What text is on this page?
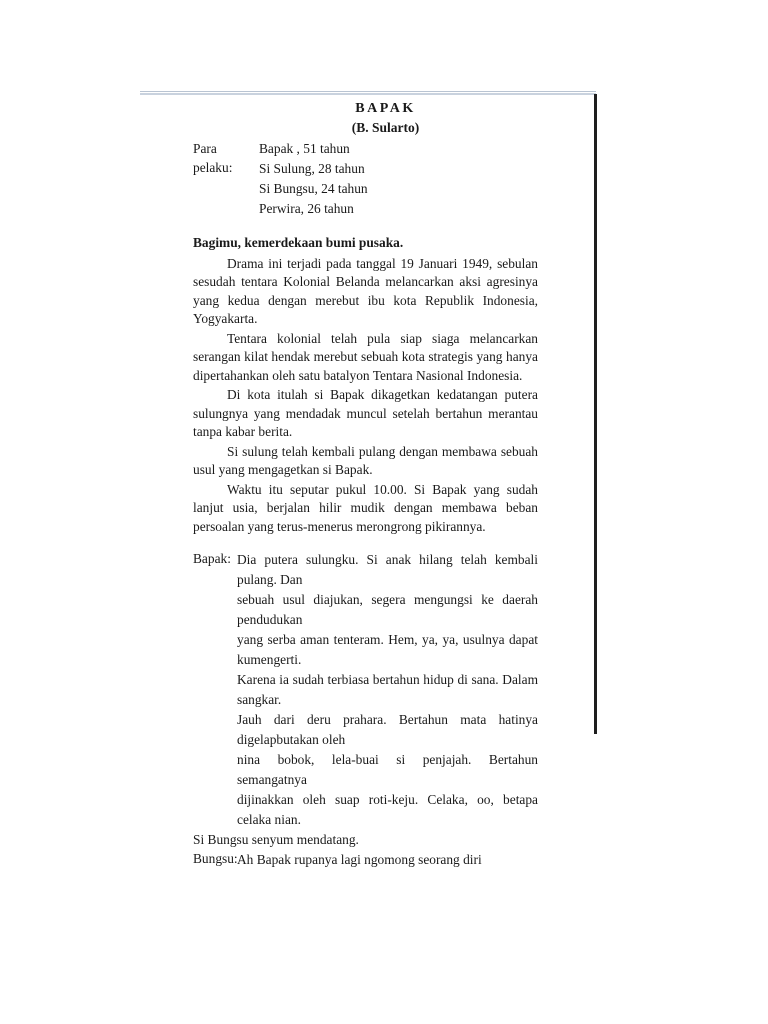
BAPAK
(B. Sularto)
Para pelaku:
Bapak , 51 tahun
Si Sulung, 28 tahun
Si Bungsu, 24 tahun
Perwira, 26 tahun
Bagimu, kemerdekaan bumi pusaka.

Drama ini terjadi pada tanggal 19 Januari 1949, sebulan sesudah tentara Kolonial Belanda melancarkan aksi agresinya yang kedua dengan merebut ibu kota Republik Indonesia, Yogyakarta.

Tentara kolonial telah pula siap siaga melancarkan serangan kilat hendak merebut sebuah kota strategis yang hanya dipertahankan oleh satu batalyon Tentara Nasional Indonesia.

Di kota itulah si Bapak dikagetkan kedatangan putera sulungnya yang mendadak muncul setelah bertahun merantau tanpa kabar berita.

Si sulung telah kembali pulang dengan membawa sebuah usul yang mengagetkan si Bapak.

Waktu itu seputar pukul 10.00. Si Bapak yang sudah lanjut usia, berjalan hilir mudik dengan membawa beban persoalan yang terus-menerus merongrong pikirannya.

Bapak: Dia putera sulungku. Si anak hilang telah kembali pulang. Dan

sebuah usul diajukan, segera mengungsi ke daerah pendudukan

yang serba aman tenteram. Hem, ya, ya, usulnya dapat kumengerti.

Karena ia sudah terbiasa bertahun hidup di sana. Dalam sangkar.

Jauh dari deru prahara. Bertahun mata hatinya digelapbutakan oleh

nina bobok, lela-buai si penjajah. Bertahun semangatnya

dijinakkan oleh suap roti-keju. Celaka, oo, betapa celaka nian.

Si Bungsu senyum mendatang.

Bungsu: Ah Bapak rupanya lagi ngomong seorang diri
